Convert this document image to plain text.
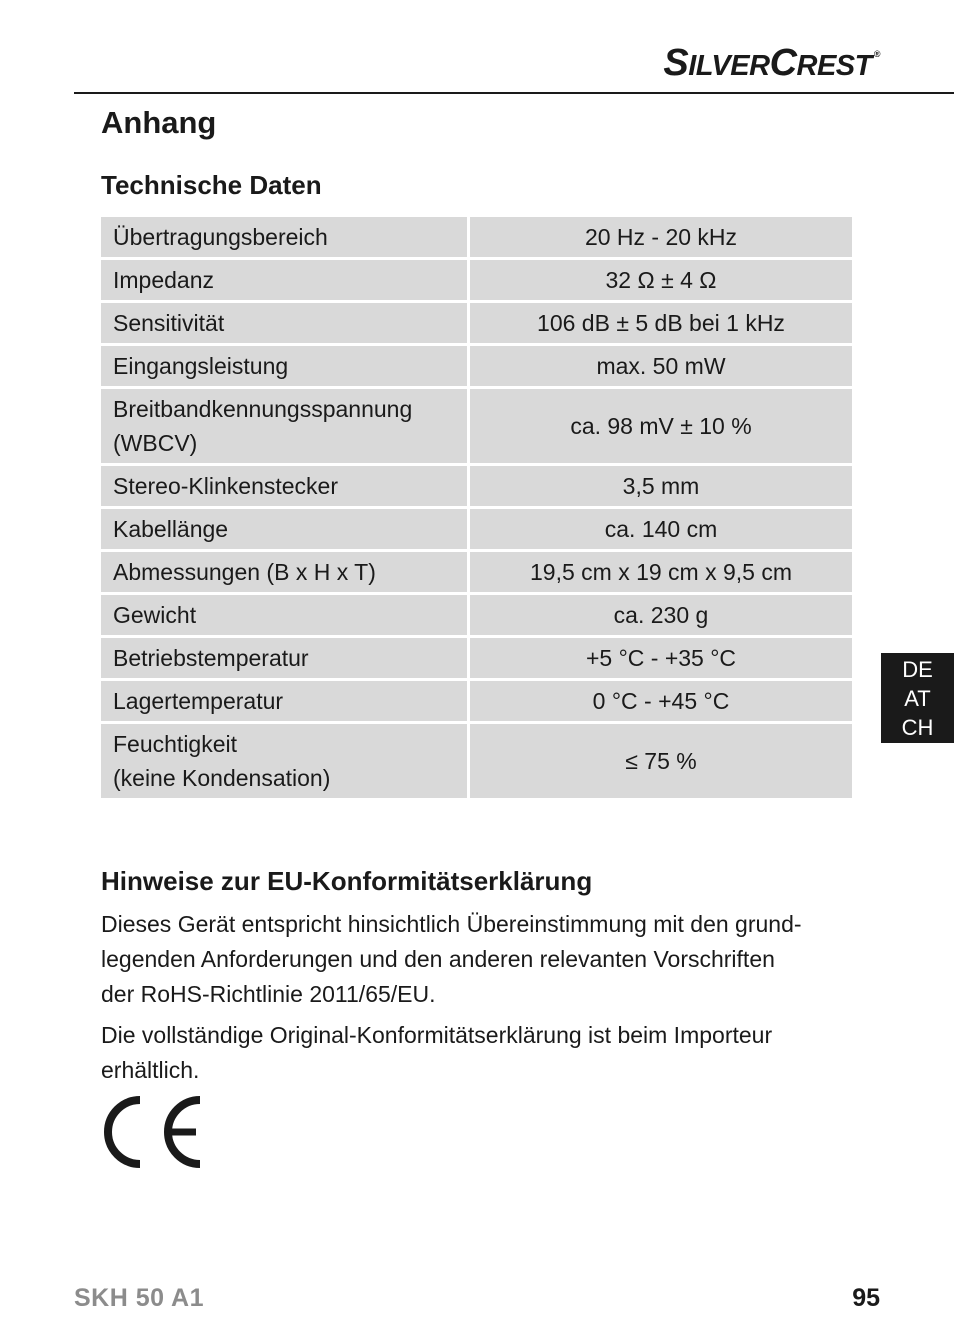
S ILVER C REST ®
Anhang
Technische Daten
Übertragungsbereich	20 Hz - 20 kHz
Impedanz	32 Ω ± 4 Ω
Sensitivität	106 dB ± 5 dB bei 1 kHz
Eingangsleistung	max. 50 mW
Breitbandkennungsspannung
(WBCV)	ca. 98 mV ± 10 %
Stereo-Klinkenstecker	3,5 mm
Kabellänge	ca. 140 cm
Abmessungen (B x H x T)	19,5 cm x 19 cm x 9,5 cm
Gewicht	ca. 230 g
Betriebstemperatur	+5 °C - +35 °C
Lagertemperatur	0 °C - +45 °C
Feuchtigkeit
(keine Kondensation)	≤ 75 %
Hinweise zur EU-Konformitätserklärung

Dieses Gerät entspricht hinsichtlich Übereinstimmung mit den grund-
legenden Anforderungen und den anderen relevanten Vorschriften
der RoHS-Richtlinie 2011/65/EU.

Die vollständige Original-Konformitätserklärung ist beim Importeur
erhältlich.

DE
AT
CH
SKH 50 A1	95
